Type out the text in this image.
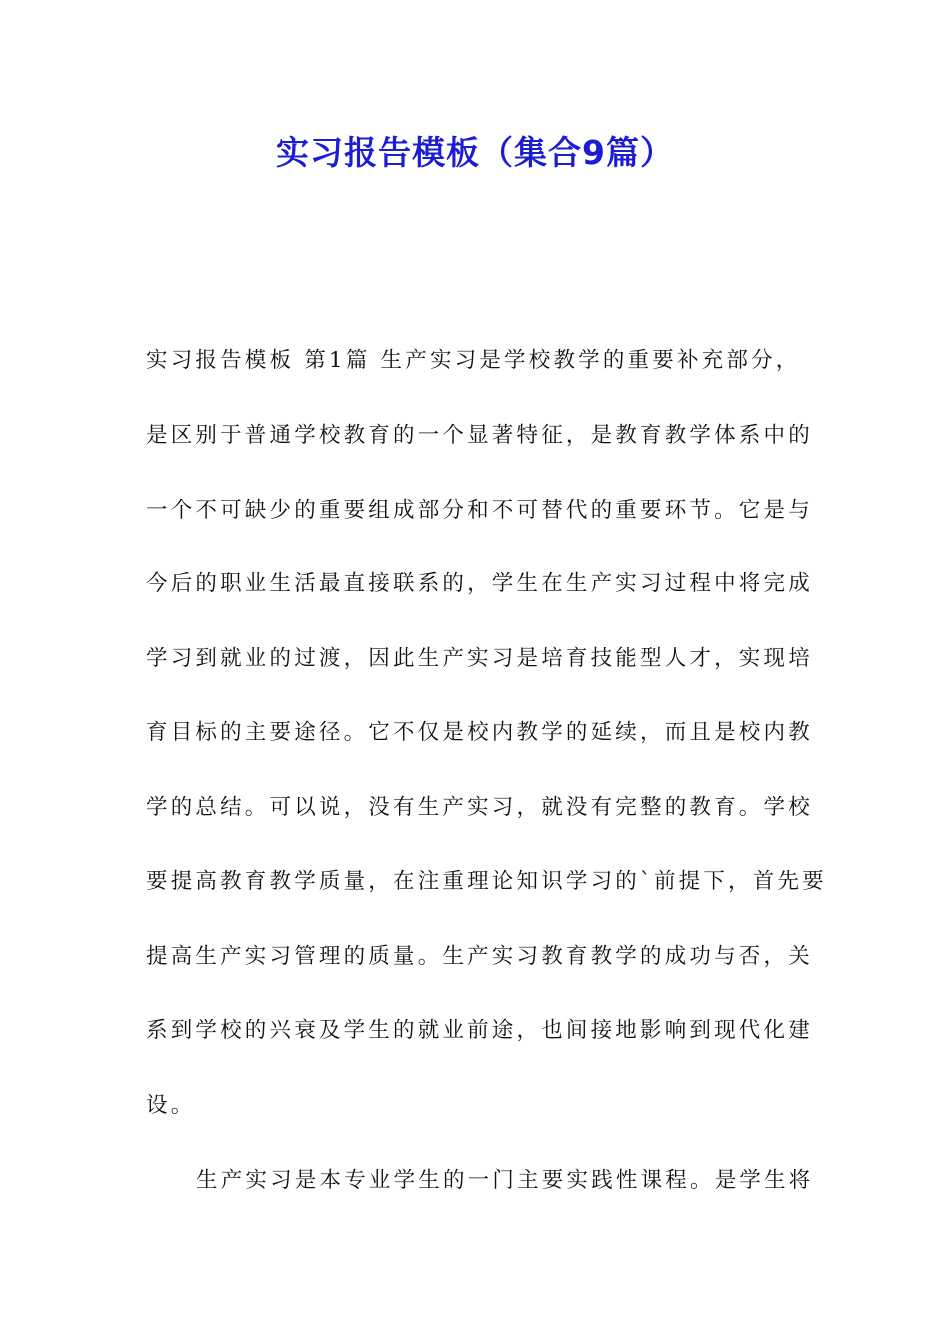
实习报告模板（集合9篇）

实习报告模板 第1篇 生产实习是学校教学的重要补充部分，

是区别于普通学校教育的一个显著特征，是教育教学体系中的

一个不可缺少的重要组成部分和不可替代的重要环节。它是与

今后的职业生活最直接联系的，学生在生产实习过程中将完成

学习到就业的过渡，因此生产实习是培育技能型人才，实现培

育目标的主要途径。它不仅是校内教学的延续，而且是校内教

学的总结。可以说，没有生产实习，就没有完整的教育。学校

要提高教育教学质量，在注重理论知识学习的`前提下，首先要

提高生产实习管理的质量。生产实习教育教学的成功与否，关

系到学校的兴衰及学生的就业前途，也间接地影响到现代化建

设。

生产实习是本专业学生的一门主要实践性课程。是学生将
